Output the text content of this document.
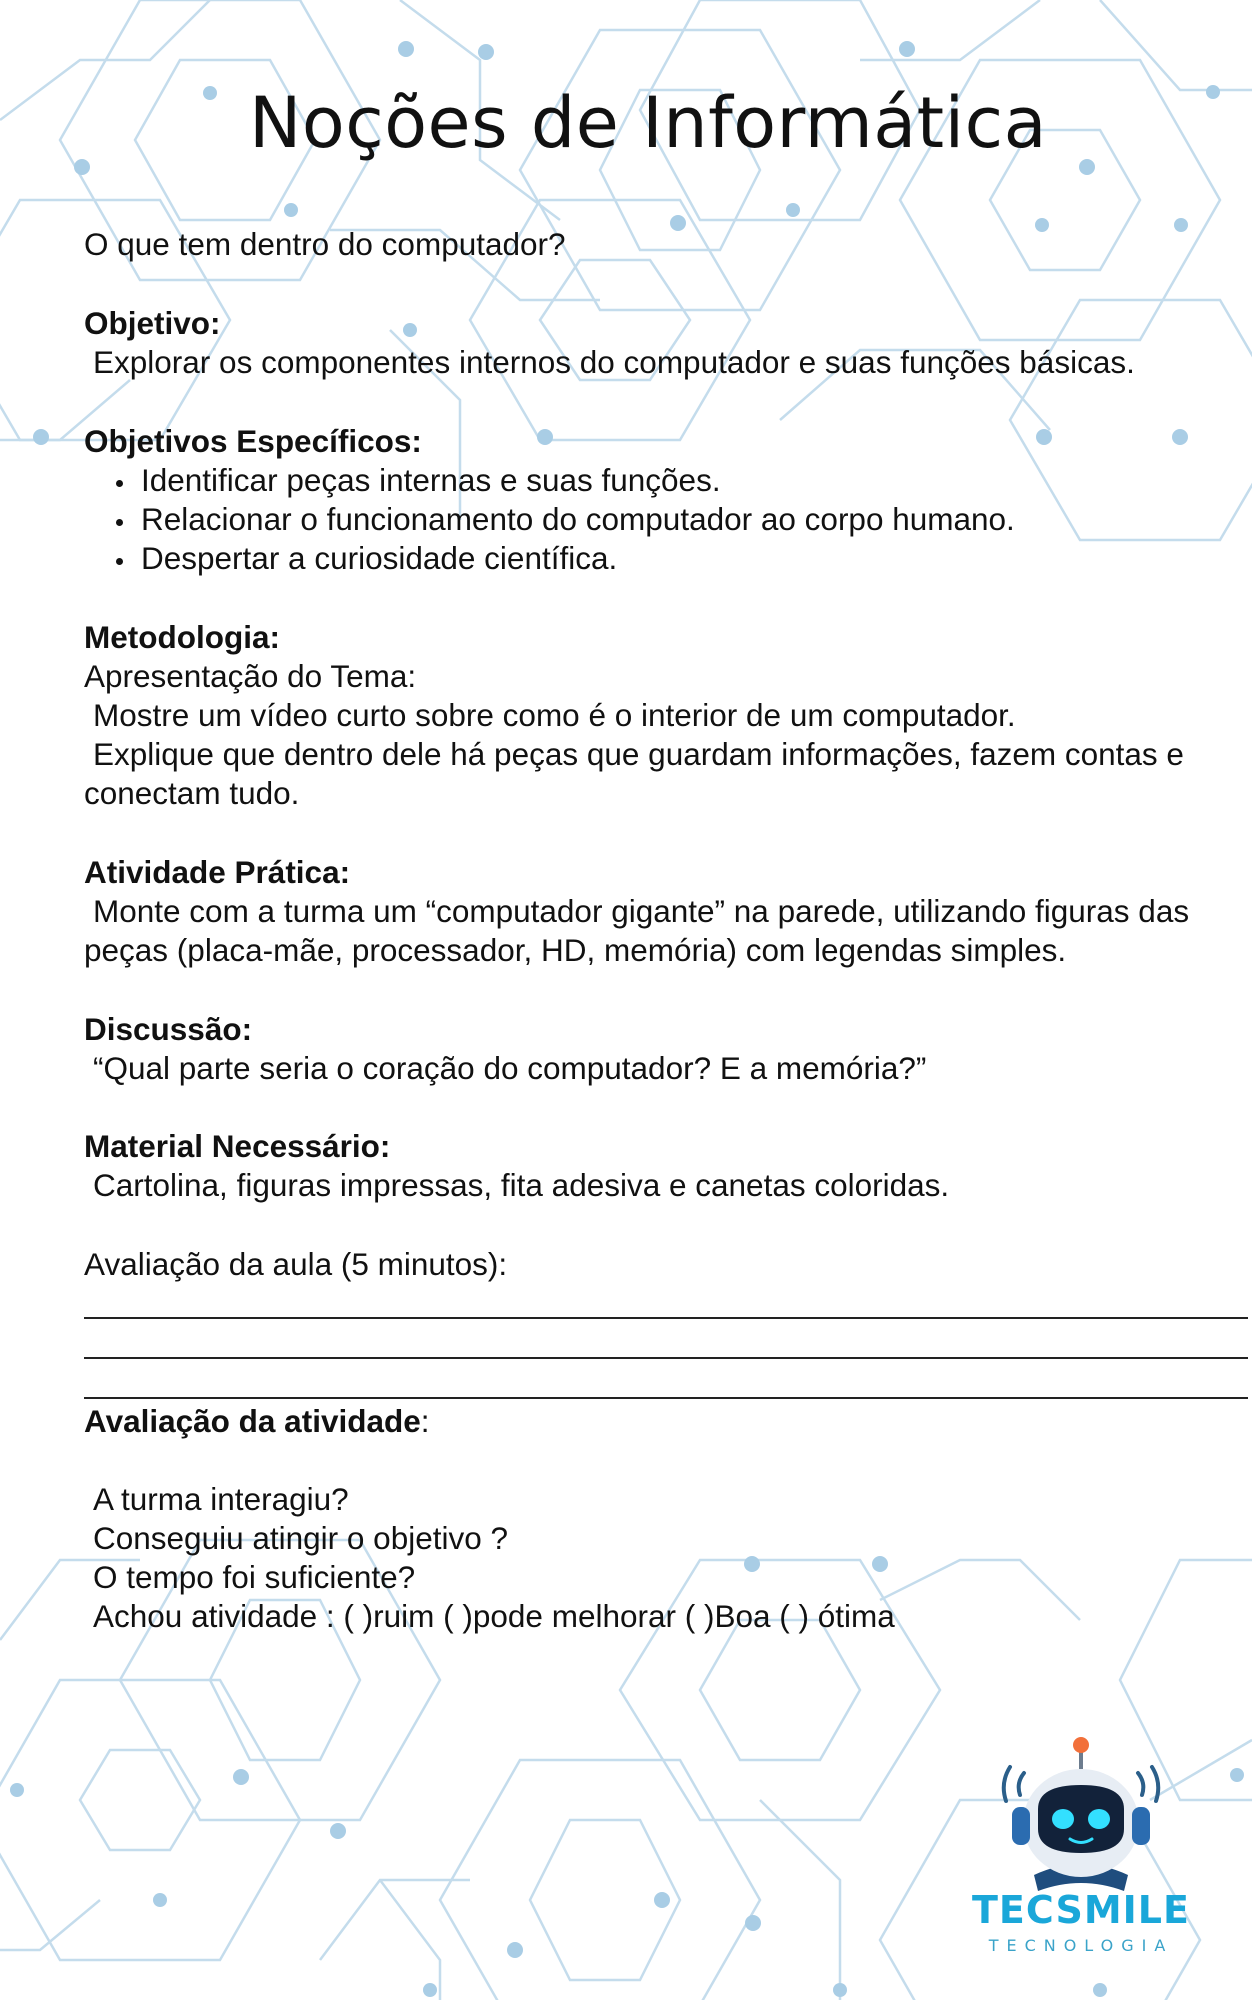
Noções de Informática
O que tem dentro do computador?
Objetivo:
Explorar os componentes internos do computador e suas funções básicas.
Objetivos Específicos:
Identificar peças internas e suas funções.
Relacionar o funcionamento do computador ao corpo humano.
Despertar a curiosidade científica.
Metodologia:
Apresentação do Tema:
Mostre um vídeo curto sobre como é o interior de um computador.
Explique que dentro dele há peças que guardam informações, fazem contas e
conectam tudo.
Atividade Prática:
Monte com a turma um “computador gigante” na parede, utilizando figuras das
peças (placa-mãe, processador, HD, memória) com legendas simples.
Discussão:
“Qual parte seria o coração do computador? E a memória?”
Material Necessário:
Cartolina, figuras impressas, fita adesiva e canetas coloridas.
Avaliação da aula (5 minutos):
Avaliação da atividade:
A turma interagiu?
Conseguiu atingir o objetivo ?
O tempo foi suficiente?
Achou atividade : ( )ruim ( )pode melhorar ( )Boa ( ) ótima
TECSMILE
TECNOLOGIA
